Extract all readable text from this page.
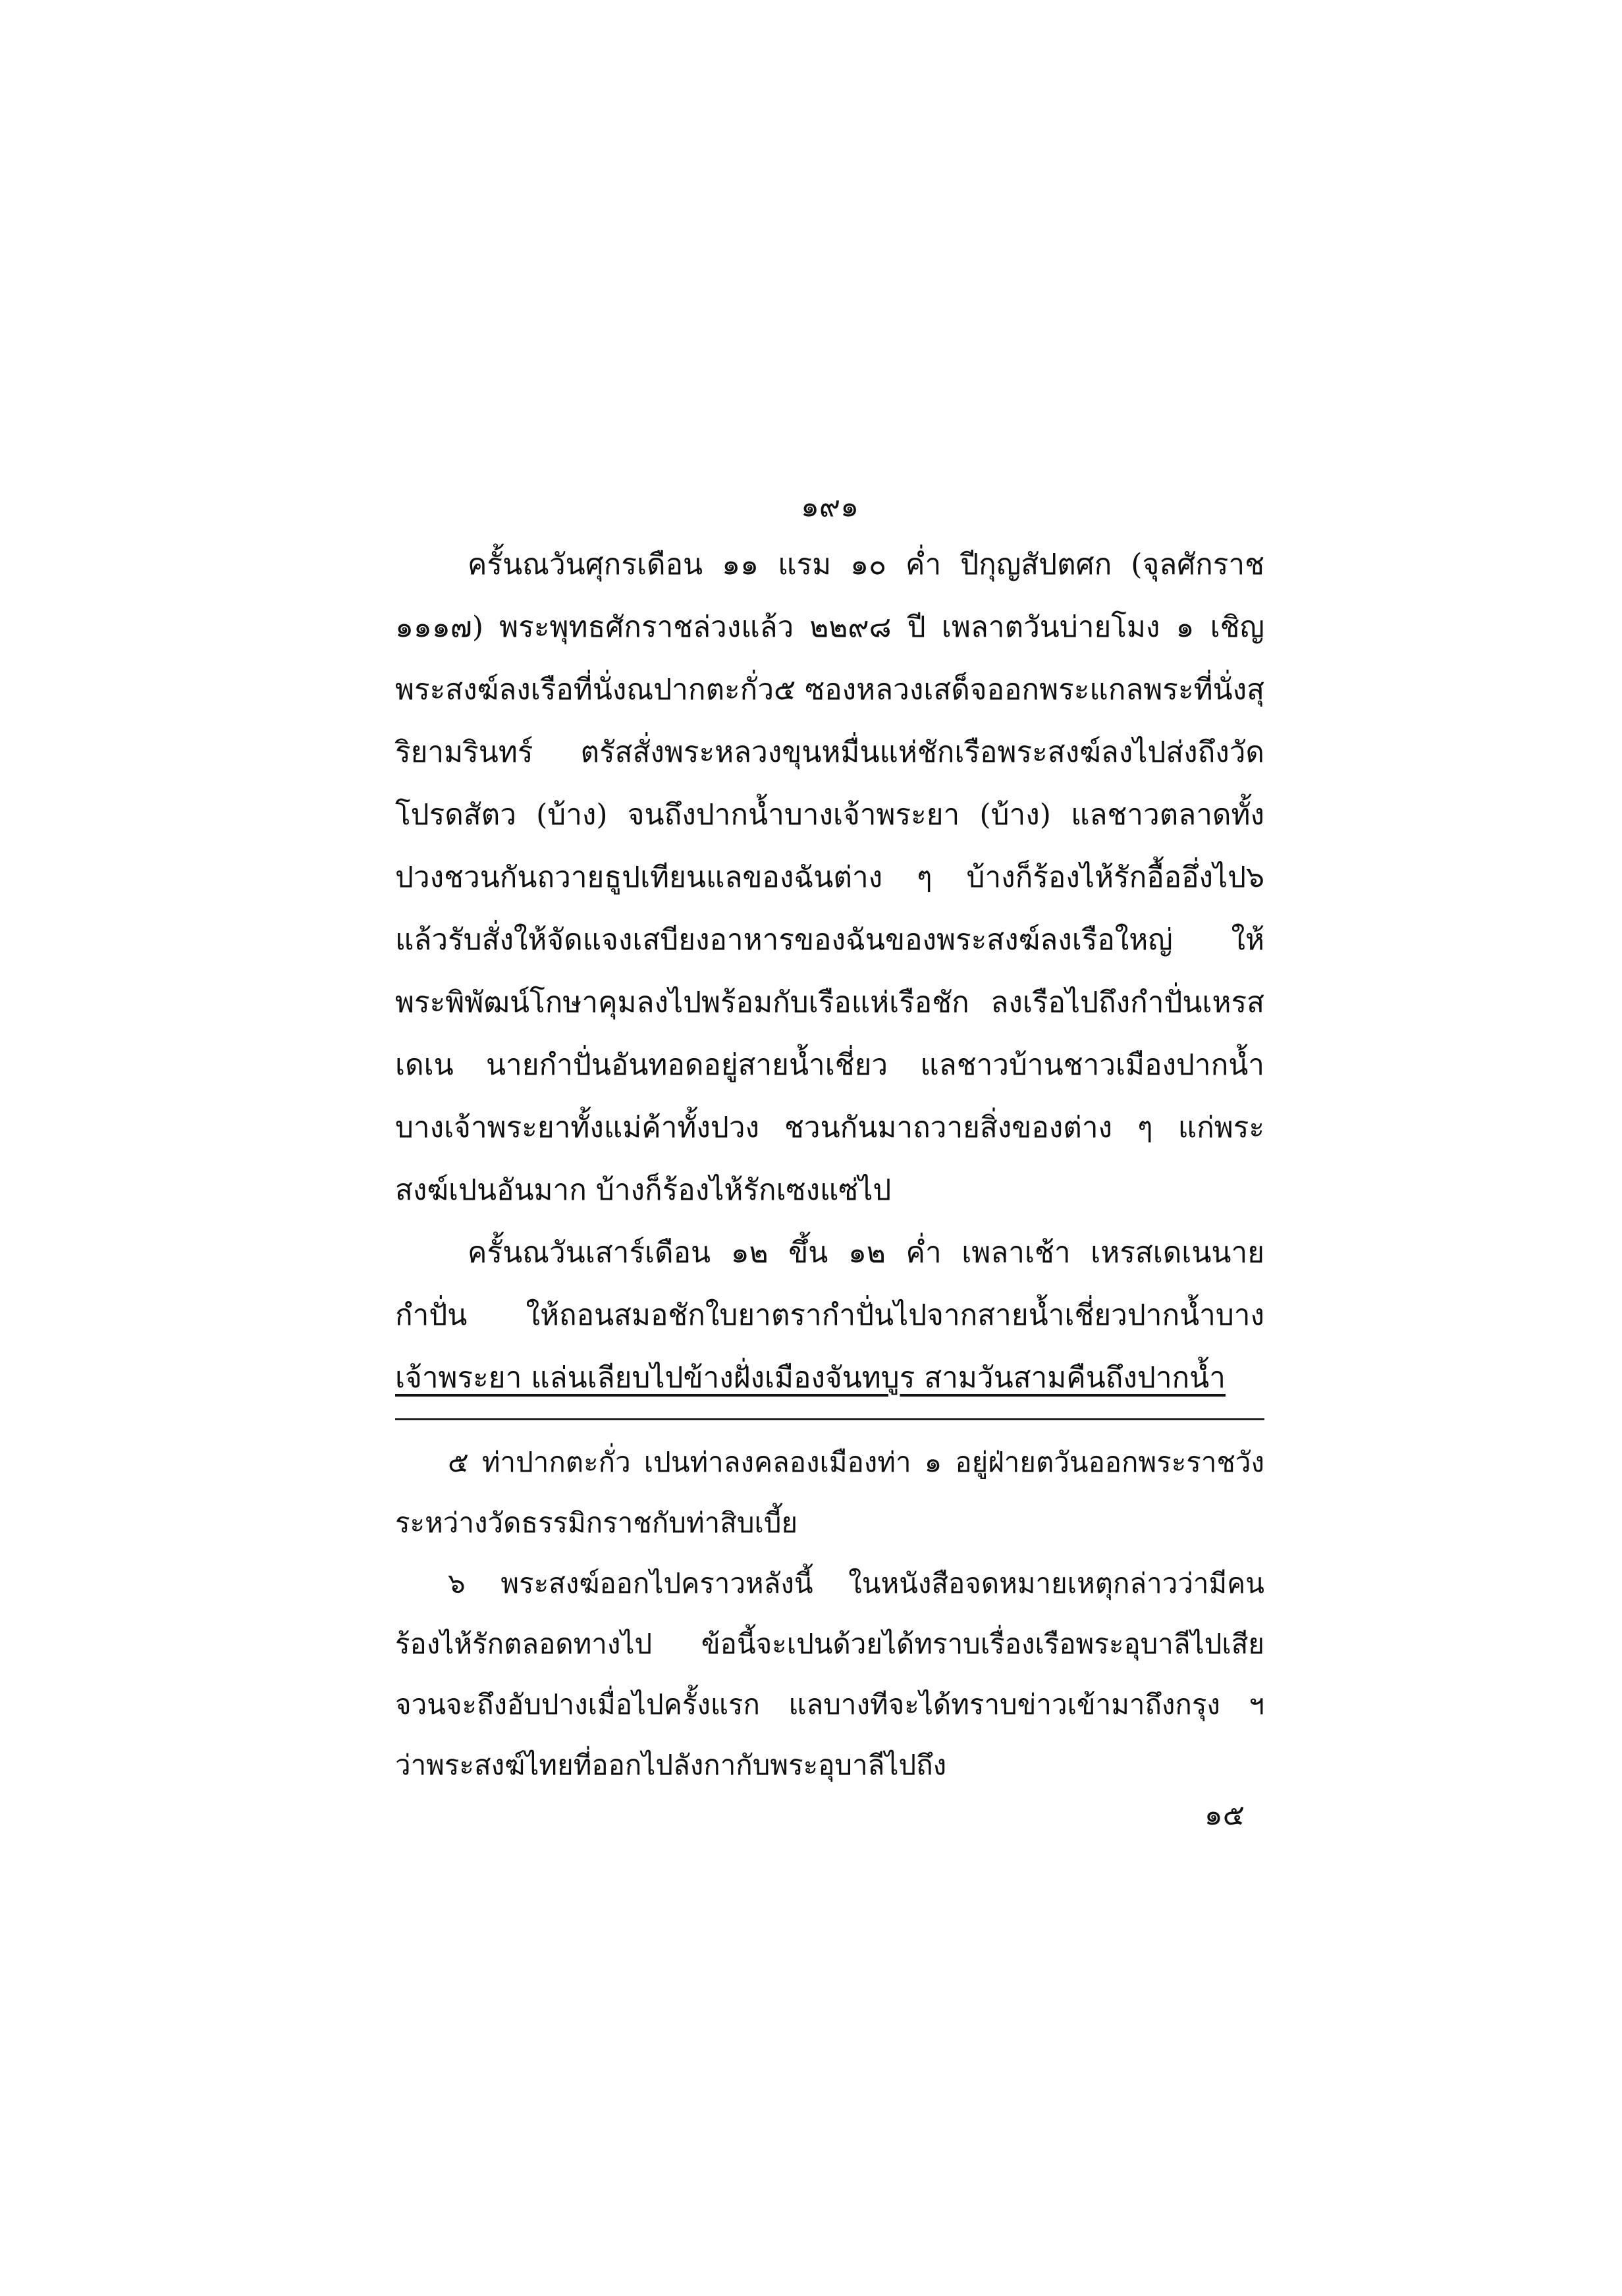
๑๙๑

ครั้นณวันศุกรเดือน ๑๑ แรม ๑๐ ค่ำ ปีกุญสัปตศก (จุลศักราช ๑๑๑๗) พระพุทธศักราชล่วงแล้ว ๒๒๙๘ ปี เพลาตวันบ่ายโมง ๑ เชิญพระสงฆ์ลงเรือที่นั่งณปากตะกั่ว๕ ซองหลวงเสด็จออกพระแกลพระที่นั่งสุริยามรินทร์ ตรัสสั่งพระหลวงขุนหมื่นแห่ชักเรือพระสงฆ์ลงไปส่งถึงวัดโปรดสัตว (บ้าง) จนถึงปากน้ำบางเจ้าพระยา (บ้าง) แลชาวตลาดทั้งปวงชวนกันถวายธูปเทียนแลของฉันต่าง ๆ บ้างก็ร้องไห้รักอื้ออึ่งไป๖ แล้วรับสั่งให้จัดแจงเสบียงอาหารของฉันของพระสงฆ์ลงเรือใหญ่ ให้พระพิพัฒน์โกษาคุมลงไปพร้อมกับเรือแห่เรือชัก ลงเรือไปถึงกำปั่นเหรสเดเน นายกำปั่นอันทอดอยู่สายน้ำเชี่ยว แลชาวบ้านชาวเมืองปากน้ำบางเจ้าพระยาทั้งแม่ค้าทั้งปวง ชวนกันมาถวายสิ่งของต่าง ๆ แก่พระสงฆ์เปนอันมาก บ้างก็ร้องไห้รักเซงแซ่ไป

ครั้นณวันเสาร์เดือน ๑๒ ขึ้น ๑๒ ค่ำ เพลาเช้า เหรสเดเนนายกำปั่น ให้ถอนสมอชักใบยาตรากำปั่นไปจากสายน้ำเชี่ยวปากน้ำบางเจ้าพระยา แล่นเลียบไปข้างฝั่งเมืองจันทบูร สามวันสามคืนถึงปากน้ำ

๕ ท่าปากตะกั่ว เปนท่าลงคลองเมืองท่า ๑ อยู่ฝ่ายตวันออกพระราชวัง ระหว่างวัดธรรมิกราชกับท่าสิบเบี้ย

๖ พระสงฆ์ออกไปคราวหลังนี้ ในหนังสือจดหมายเหตุกล่าวว่ามีคนร้องไห้รักตลอดทางไป ข้อนี้จะเปนด้วยได้ทราบเรื่องเรือพระอุบาลีไปเสียจวนจะถึงอับปางเมื่อไปครั้งแรก แลบางทีจะได้ทราบข่าวเข้ามาถึงกรุง ฯ ว่าพระสงฆ์ไทยที่ออกไปลังกากับพระอุบาลีไปถึง

๑๕
